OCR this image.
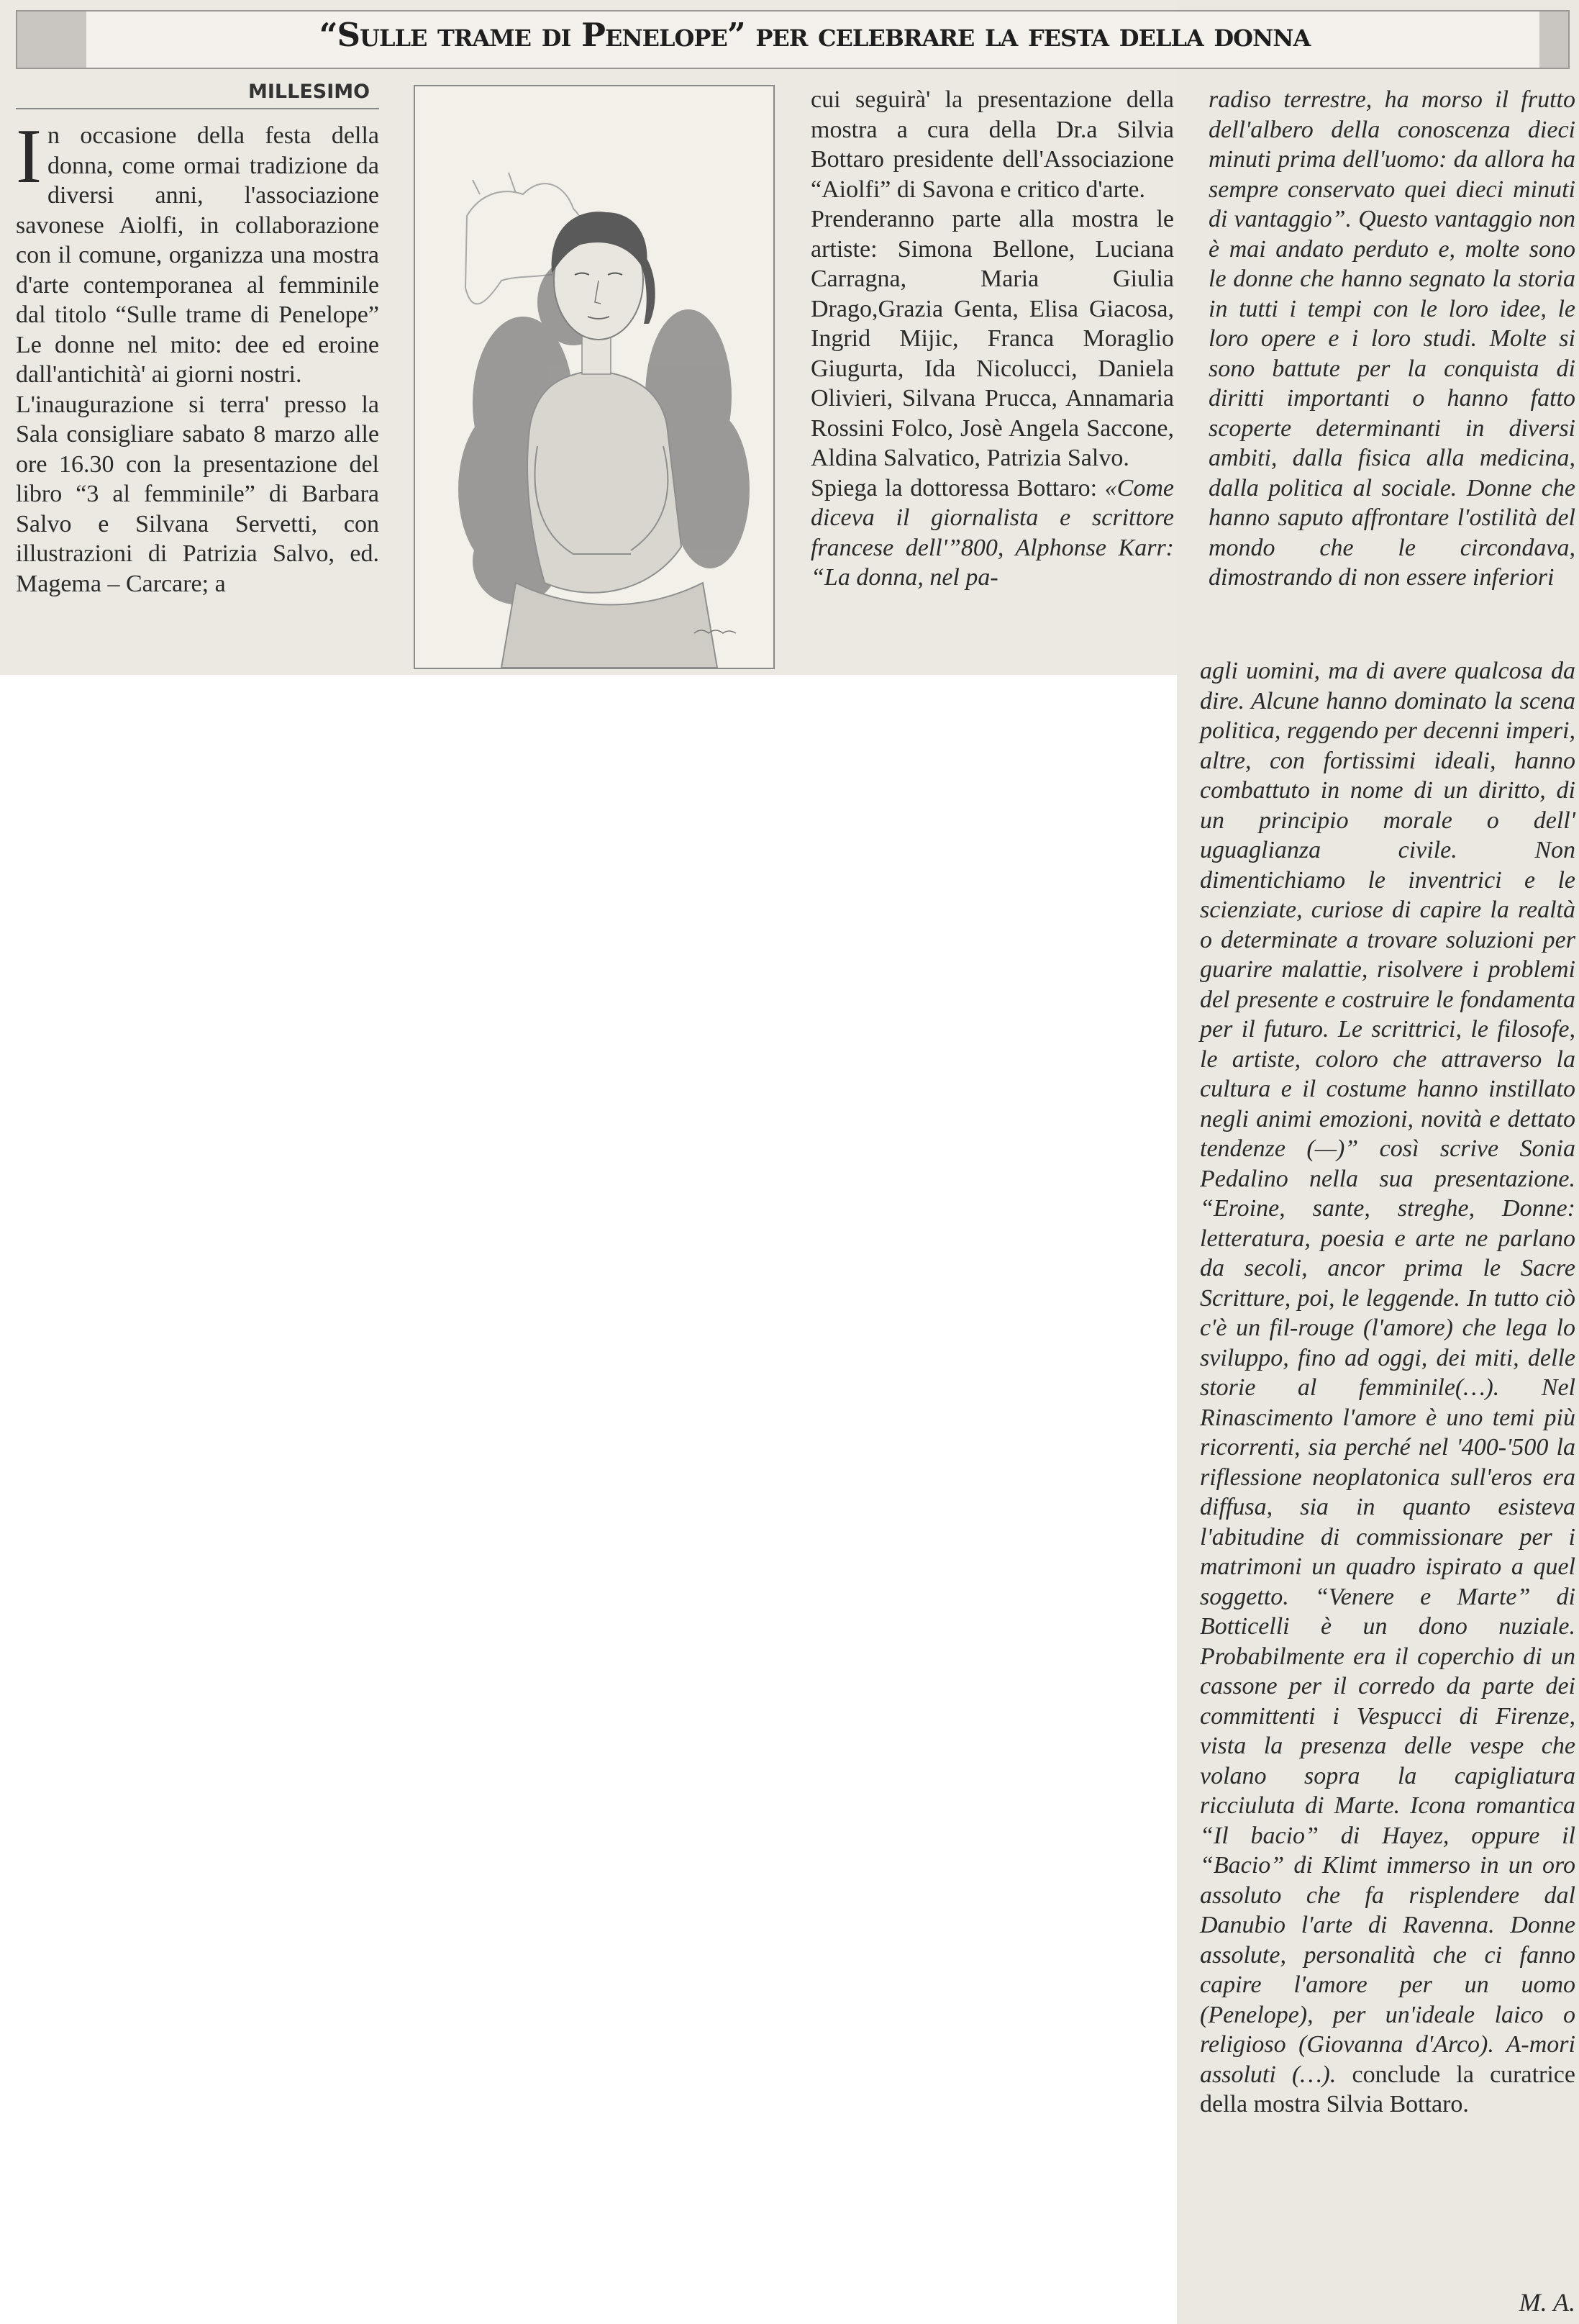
“Sulle trame di Penelope” per celebrare la festa della donna
MILLESIMO

In occasione della festa della donna, come ormai tradizione da diversi anni, l'associazione savonese Aiolfi, in collaborazione con il comune, organizza una mostra d'arte contemporanea al femminile dal titolo “Sulle trame di Penelope” Le donne nel mito: dee ed eroine dall'antichità' ai giorni nostri.

L'inaugurazione si terra' presso la Sala consigliare sabato 8 marzo alle ore 16.30 con la presentazione del libro “3 al femminile” di Barbara Salvo e Silvana Servetti, con illustrazioni di Patrizia Salvo, ed. Magema – Carcare; a

cui seguirà' la presentazione della mostra a cura della Dr.a Silvia Bottaro presidente dell'Associazione “Aiolfi” di Savona e critico d'arte.

Prenderanno parte alla mostra le artiste: Simona Bellone, Luciana Carragna, Maria Giulia Drago,Grazia Genta, Elisa Giacosa, Ingrid Mijic, Franca Moraglio Giugurta, Ida Nicolucci, Daniela Olivieri, Silvana Prucca, Annamaria Rossini Folco, Josè Angela Saccone, Aldina Salvatico, Patrizia Salvo.

Spiega la dottoressa Bottaro: «Come diceva il giornalista e scrittore francese dell'”800, Alphonse Karr: “La donna, nel pa-

radiso terrestre, ha morso il frutto dell'albero della conoscenza dieci minuti prima dell'uomo: da allora ha sempre conservato quei dieci minuti di vantaggio”. Questo vantaggio non è mai andato perduto e, molte sono le donne che hanno segnato la storia in tutti i tempi con le loro idee, le loro opere e i loro studi. Molte si sono battute per la conquista di diritti importanti o hanno fatto scoperte determinanti in diversi ambiti, dalla fisica alla medicina, dalla politica al sociale. Donne che hanno saputo affrontare l'ostilità del mondo che le circondava, dimostrando di non essere inferiori

agli uomini, ma di avere qualcosa da dire. Alcune hanno dominato la scena politica, reggendo per decenni imperi, altre, con fortissimi ideali, hanno combattuto in nome di un diritto, di un principio morale o dell' uguaglianza civile. Non dimentichiamo le inventrici e le scienziate, curiose di capire la realtà o determinate a trovare soluzioni per guarire malattie, risolvere i problemi del presente e costruire le fondamenta per il futuro. Le scrittrici, le filosofe, le artiste, coloro che attraverso la cultura e il costume hanno instillato negli animi emozioni, novità e dettato tendenze (—)” così scrive Sonia Pedalino nella sua presentazione. “Eroine, sante, streghe, Donne: letteratura, poesia e arte ne parlano da secoli, ancor prima le Sacre Scritture, poi, le leggende. In tutto ciò c'è un fil-rouge (l'amore) che lega lo sviluppo, fino ad oggi, dei miti, delle storie al femminile(…). Nel Rinascimento l'amore è uno temi più ricorrenti, sia perché nel '400-'500 la riflessione neoplatonica sull'eros era diffusa, sia in quanto esisteva l'abitudine di commissionare per i matrimoni un quadro ispirato a quel soggetto. “Venere e Marte” di Botticelli è un dono nuziale. Probabilmente era il coperchio di un cassone per il corredo da parte dei committenti i Vespucci di Firenze, vista la presenza delle vespe che volano sopra la capigliatura ricciuluta di Marte. Icona romantica “Il bacio” di Hayez, oppure il “Bacio” di Klimt immerso in un oro assoluto che fa risplendere dal Danubio l'arte di Ravenna. Donne assolute, personalità che ci fanno capire l'amore per un uomo (Penelope), per un'ideale laico o religioso (Giovanna d'Arco). A-mori assoluti (…). conclude la curatrice della mostra Silvia Bottaro.

M. A.
